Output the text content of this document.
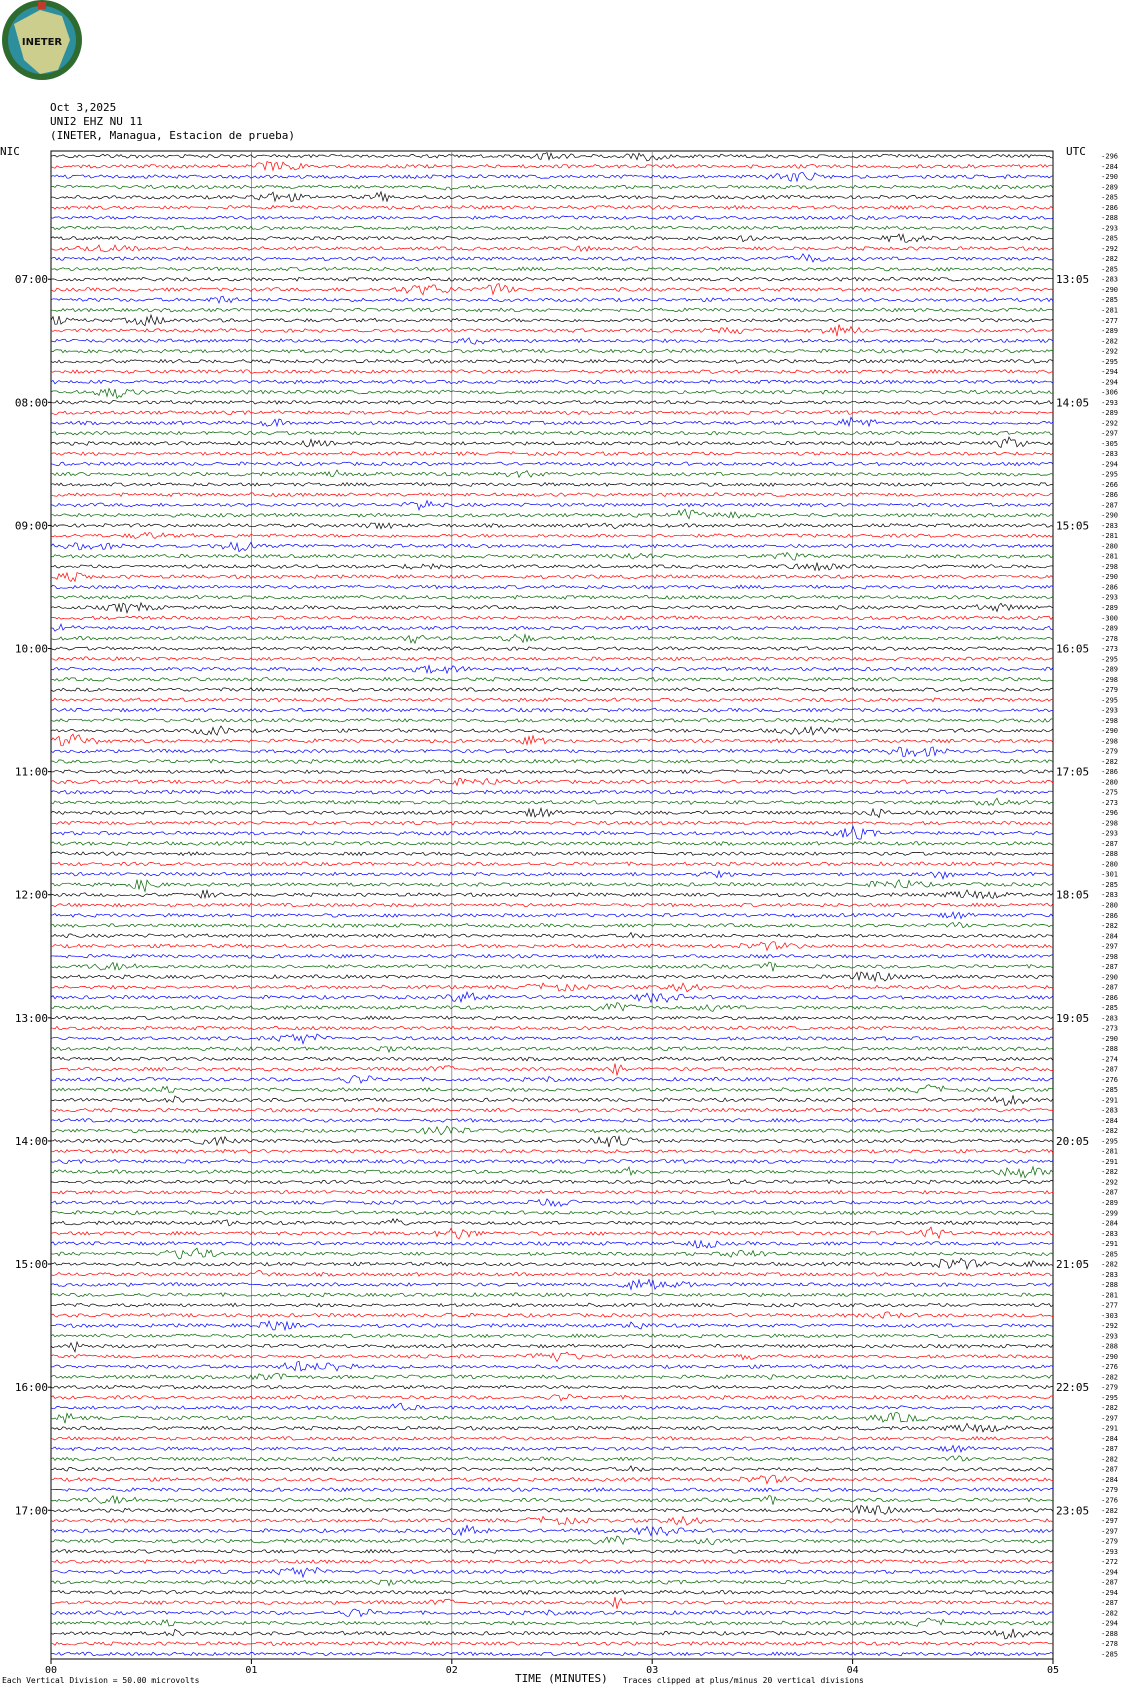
INETER
Oct 3,2025
UNI2 EHZ NU 11
(INETER, Managua, Estacion de prueba)
NIC	UTC -296
-284
-290
-289
-285
-286
-288
-293
-285
-292
-282
-285
-283
-290
-285
-281
-277
-289
-282
-292
-295
-294
-294
-306
-293
-289
-292
-297
-305
-283
-294
-295
-266
-286
-287
-290
-283
-281
-280
-281
-298
-290
-286
-293
-289
-300
-289
-278
-273
-295
-289
-298
-279
-295
-293
-298
-290
-298
-279
-282
-286
-280
-275
-273
-296
-298
-293
-287
-288
-280
-301
-285
-283
-280
-286
-282
-284
-297
-298
-287
-290
-287
-286
-285
-283
-273
-290
-288
-274
-287
-276
-285
-291
-283
-284
-282
-295
-281
-291
-282
-292
-287
-289
-299
-284
-283
-291
-285
-282
-283
-288
-281
-277
-303
-292
-293
-288
-290
-276
-282
-279
-295
-282
-297
-291
-284
-287
-282
-287
-284
-279
-276
-282
-297
-297
-279
-293
-272
-294
-287
-294
-287
-282
-294
-288
-278
-285
07:00
08:00
09:00
10:00
11:00
12:00
13:00
14:00
15:00
16:00
17:00
13:05
14:05
15:05
16:05
17:05
18:05
19:05
20:05
21:05
22:05
23:05
00	01	02	03	04	05
Each Vertical Division = 50.00 microvolts	TIME (MINUTES) Traces clipped at plus/minus 20 vertical divisions
